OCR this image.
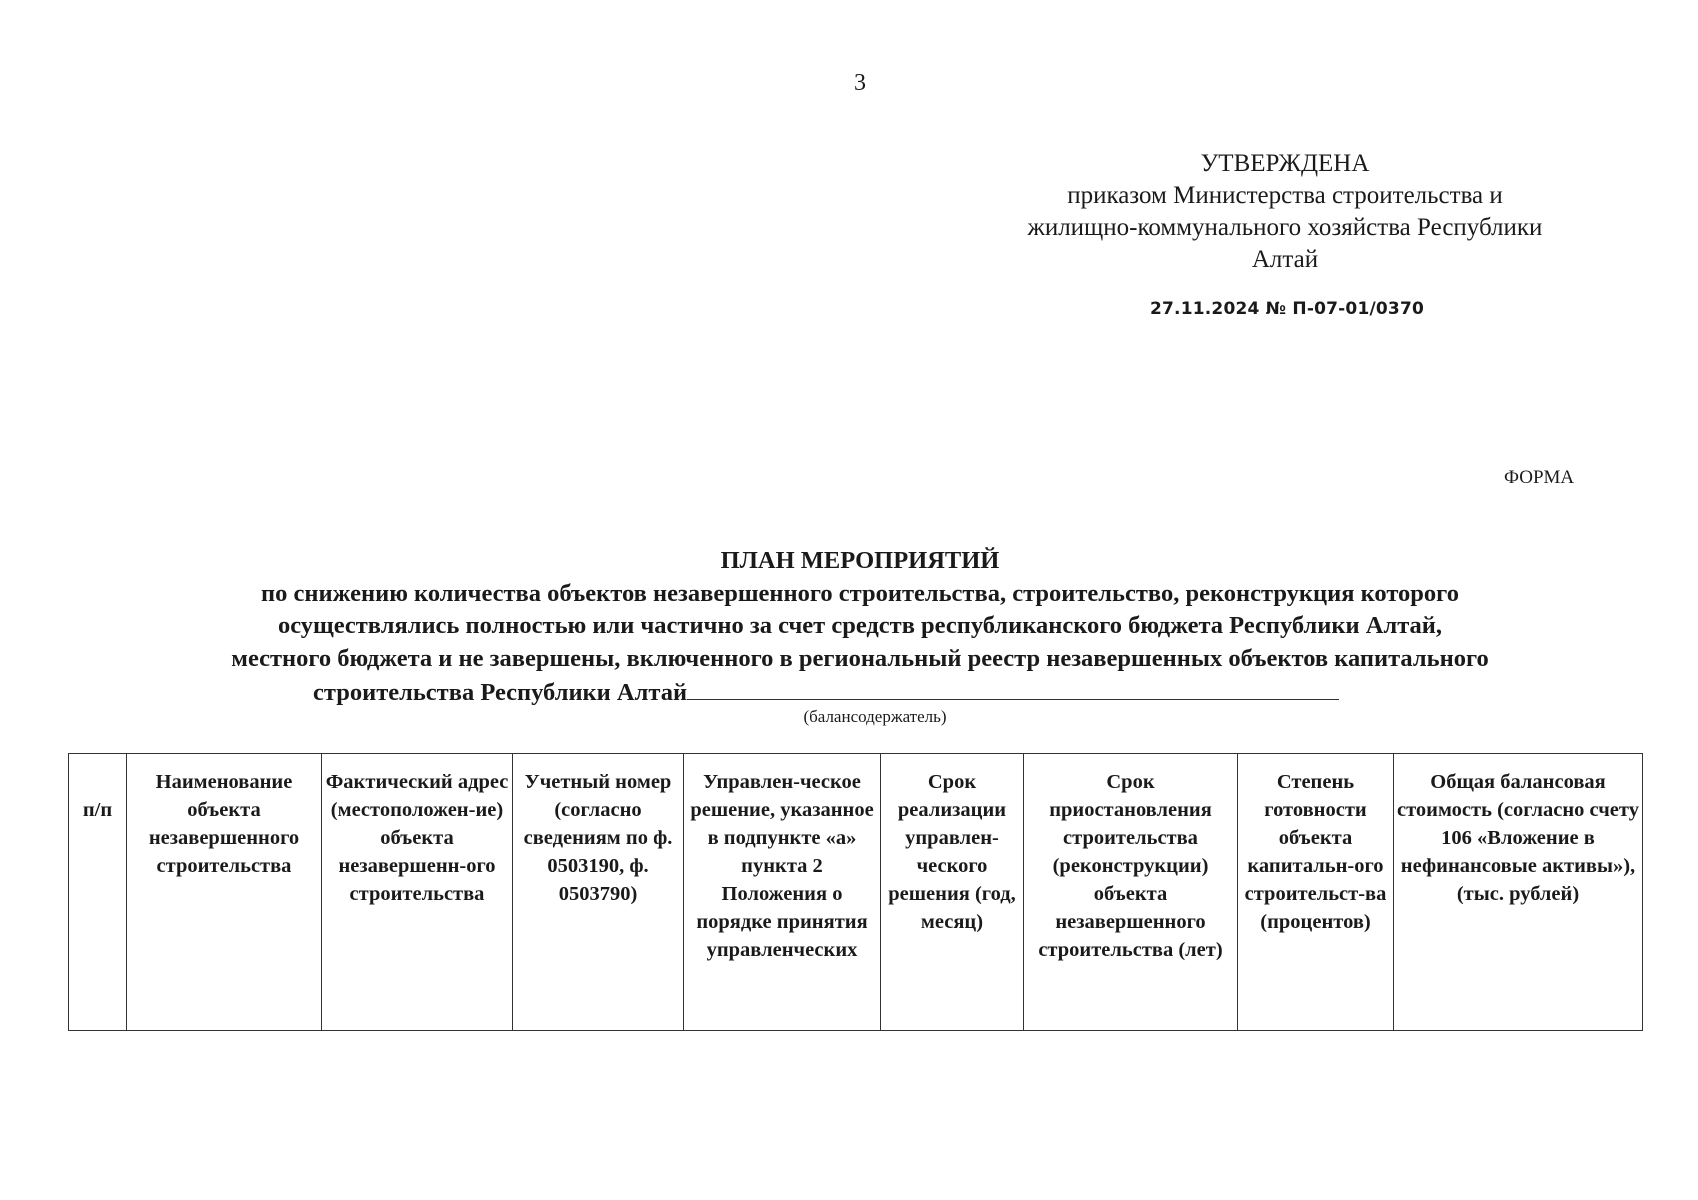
3
УТВЕРЖДЕНА
приказом Министерства строительства и
жилищно-коммунального хозяйства Республики
Алтай
27.11.2024 № П-07-01/0370
ФОРМА
ПЛАН МЕРОПРИЯТИЙ
по снижению количества объектов незавершенного строительства, строительство, реконструкция которого
осуществлялись полностью или частично за счет средств республиканского бюджета Республики Алтай,
местного бюджета и не завершены, включенного в региональный реестр незавершенных объектов капитального
строительства Республики Алтай
(балансодержатель)
п/п	Наименование объекта незавершенного строительства	Фактический адрес (местоположен-ие) объекта незавершенн-ого строительства	Учетный номер (согласно сведениям по ф. 0503190, ф. 0503790)	Управлен-ческое решение, указанное в подпункте «а» пункта 2 Положения о порядке принятия управленческих	Срок реализации управлен-ческого решения (год, месяц)	Срок приостановления строительства (реконструкции) объекта незавершенного строительства (лет)	Степень готовности объекта капитальн-ого строительст-ва (процентов)	Общая балансовая стоимость (согласно счету 106 «Вложение в нефинансовые активы»), (тыс. рублей)
